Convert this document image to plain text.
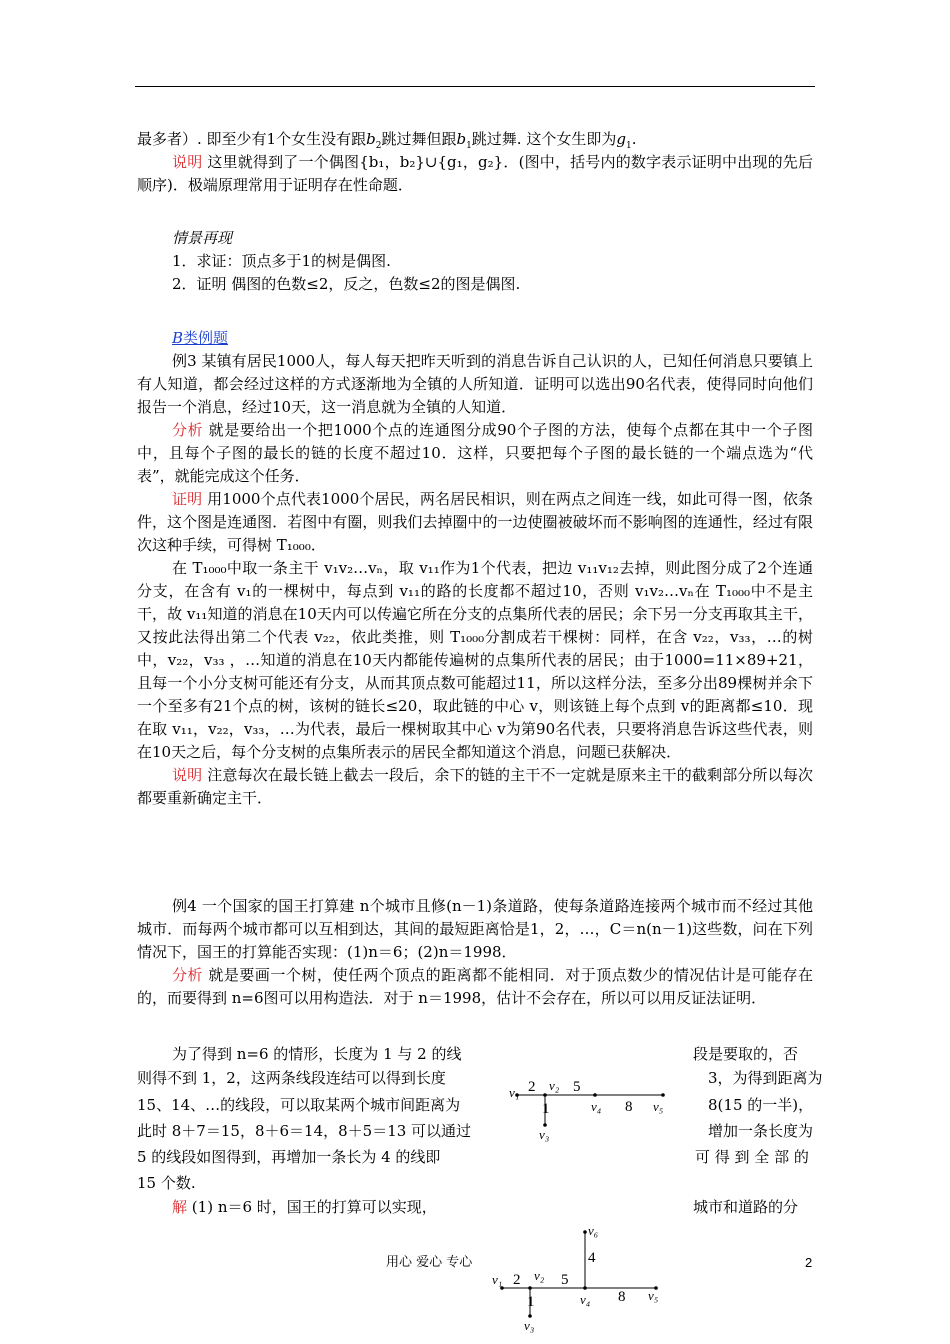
最多者）. 即至少有1个女生没有跟$b_2$跳过舞但跟$b_1$跳过舞. 这个女生即为$g_1$.

说明 这里就得到了一个偶图{b₁，b₂}∪{g₁，g₂}．(图中，括号内的数字表示证明中出现的先后顺序)．极端原理常用于证明存在性命题．

情景再现

1．求证：顶点多于1的树是偶图.

2．证明 偶图的色数≤2，反之，色数≤2的图是偶图.

B类例题

例3 某镇有居民1000人，每人每天把昨天听到的消息告诉自己认识的人，已知任何消息只要镇上有人知道，都会经过这样的方式逐渐地为全镇的人所知道．证明可以选出90名代表，使得同时向他们报告一个消息，经过10天，这一消息就为全镇的人知道．

分析 就是要给出一个把1000个点的连通图分成90个子图的方法，使每个点都在其中一个子图中，且每个子图的最长的链的长度不超过10．这样，只要把每个子图的最长链的一个端点选为“代表”，就能完成这个任务．

证明 用1000个点代表1000个居民，两名居民相识，则在两点之间连一线，如此可得一图，依条件，这个图是连通图．若图中有圈，则我们去掉圈中的一边使圈被破坏而不影响图的连通性，经过有限次这种手续，可得树 T₁₀₀₀．

在 T₁₀₀₀中取一条主干 v₁v₂…vₙ，取 v₁₁作为1个代表，把边 v₁₁v₁₂去掉，则此图分成了2个连通分支，在含有 v₁的一棵树中，每点到 v₁₁的路的长度都不超过10，否则 v₁v₂…vₙ在 T₁₀₀₀中不是主干，故 v₁₁知道的消息在10天内可以传遍它所在分支的点集所代表的居民；余下另一分支再取其主干， 又按此法得出第二个代表 v₂₂，依此类推，则 T₁₀₀₀分割成若干棵树：同样，在含 v₂₂，v₃₃，…的树中，v₂₂，v₃₃ ，…知道的消息在10天内都能传遍树的点集所代表的居民；由于1000=11×89+21，且每一个小分支树可能还有分支，从而其顶点数可能超过11，所以这样分法，至多分出89棵树并余下一个至多有21个点的树，该树的链长≤20，取此链的中心 v，则该链上每个点到 v的距离都≤10．现在取 v₁₁，v₂₂，v₃₃，…为代表，最后一棵树取其中心 v为第90名代表，只要将消息告诉这些代表，则在10天之后，每个分支树的点集所表示的居民全都知道这个消息，问题已获解决．

说明 注意每次在最长链上截去一段后，余下的链的主干不一定就是原来主干的截剩部分所以每次都要重新确定主干．

例4 一个国家的国王打算建 n个城市且修(n－1)条道路，使每条道路连接两个城市而不经过其他城市．而每两个城市都可以互相到达，其间的最短距离恰是1，2，…，C＝n(n－1)这些数，问在下列情况下，国王的打算能否实现：(1)n＝6；(2)n＝1998．

分析 就是要画一个树，使任两个顶点的距离都不能相同．对于顶点数少的情况估计是可能存在的，而要得到 n=6图可以用构造法．对于 n＝1998，估计不会存在，所以可以用反证法证明．

为了得到 n=6 的情形，长度为 1 与 2 的线
则得不到 1，2，这两条线段连结可以得到长度
15、14、…的线段，可以取某两个城市间距离为
此时 8＋7＝15，8＋6＝14，8＋5＝13 可以通过
5 的线段如图得到，再增加一条长为 4 的线即
15 个数.
段是要取的，否
3，为得到距离为
8(15 的一半)，
增加一条长度为
可 得 到 全 部 的
解 (1) n＝6 时，国王的打算可以实现，	城市和道路的分
v₁ v₂
v₃
v₄	v₅
2
1
5
8
v₁ v₂
v₃
v₄	v₅
v₆
2
1
5
8
4
用心 爱心 专心	2
